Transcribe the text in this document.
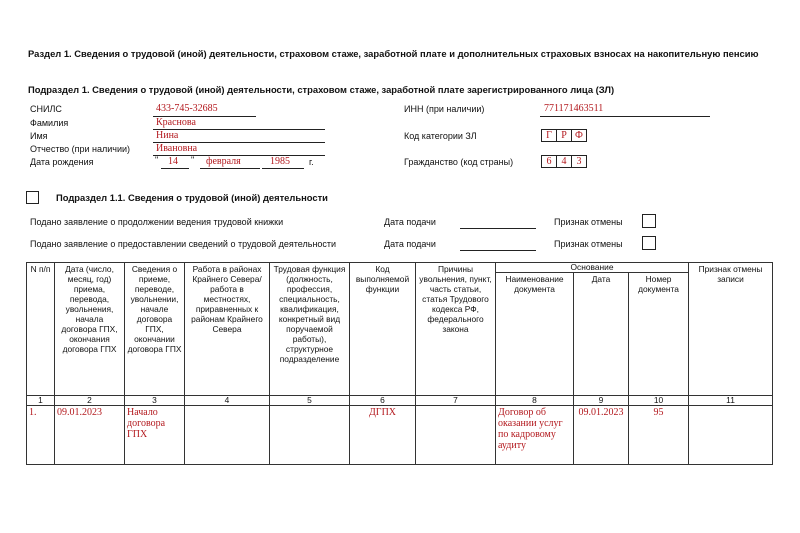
Раздел 1. Сведения о трудовой (иной) деятельности, страховом стаже, заработной плате и дополнительных страховых взносах на накопительную пенсию
Подраздел 1. Сведения о трудовой (иной) деятельности, страховом стаже, заработной плате зарегистрированного лица (ЗЛ)
СНИЛС	433-745-32685
Фамилия	Краснова
Имя	Нина
Отчество (при наличии)	Ивановна
Дата рождения	" 14 " февраля	1985 г.
ИНН (при наличии)	771171463511
Код категории ЗЛ	Г Р Ф
Гражданство (код страны)	6	4	3
Подраздел 1.1. Сведения о трудовой (иной) деятельности
Подано заявление о продолжении ведения трудовой книжки	Дата подачи	Признак отмены
Подано заявление о предоставлении сведений о трудовой деятельности	Дата подачи	Признак отмены
N п/п	Дата (число, месяц, год) приема, перевода, увольнения, начала договора ГПХ, окончания договора ГПХ	Сведения о приеме, переводе, увольнении, начале договора ГПХ, окончании договора ГПХ	Работа в районах Крайнего Севера/работа в местностях, приравненных к районам Крайнего Севера	Трудовая функция (должность, профессия, специальность, квалификация, конкретный вид поручаемой работы), структурное подразделение	Код выполняемой функции	Причины увольнения, пункт, часть статьи, статья Трудового кодекса РФ, федерального закона	Основание			Признак отмены записи
							Наименование документа	Дата	Номер документа	
1	2	3	4	5	6	7	8	9	10	11
1.	09.01.2023	Начало договора ГПХ			ДГПХ		Договор об оказании услуг по кадровому аудиту	09.01.2023	95	
